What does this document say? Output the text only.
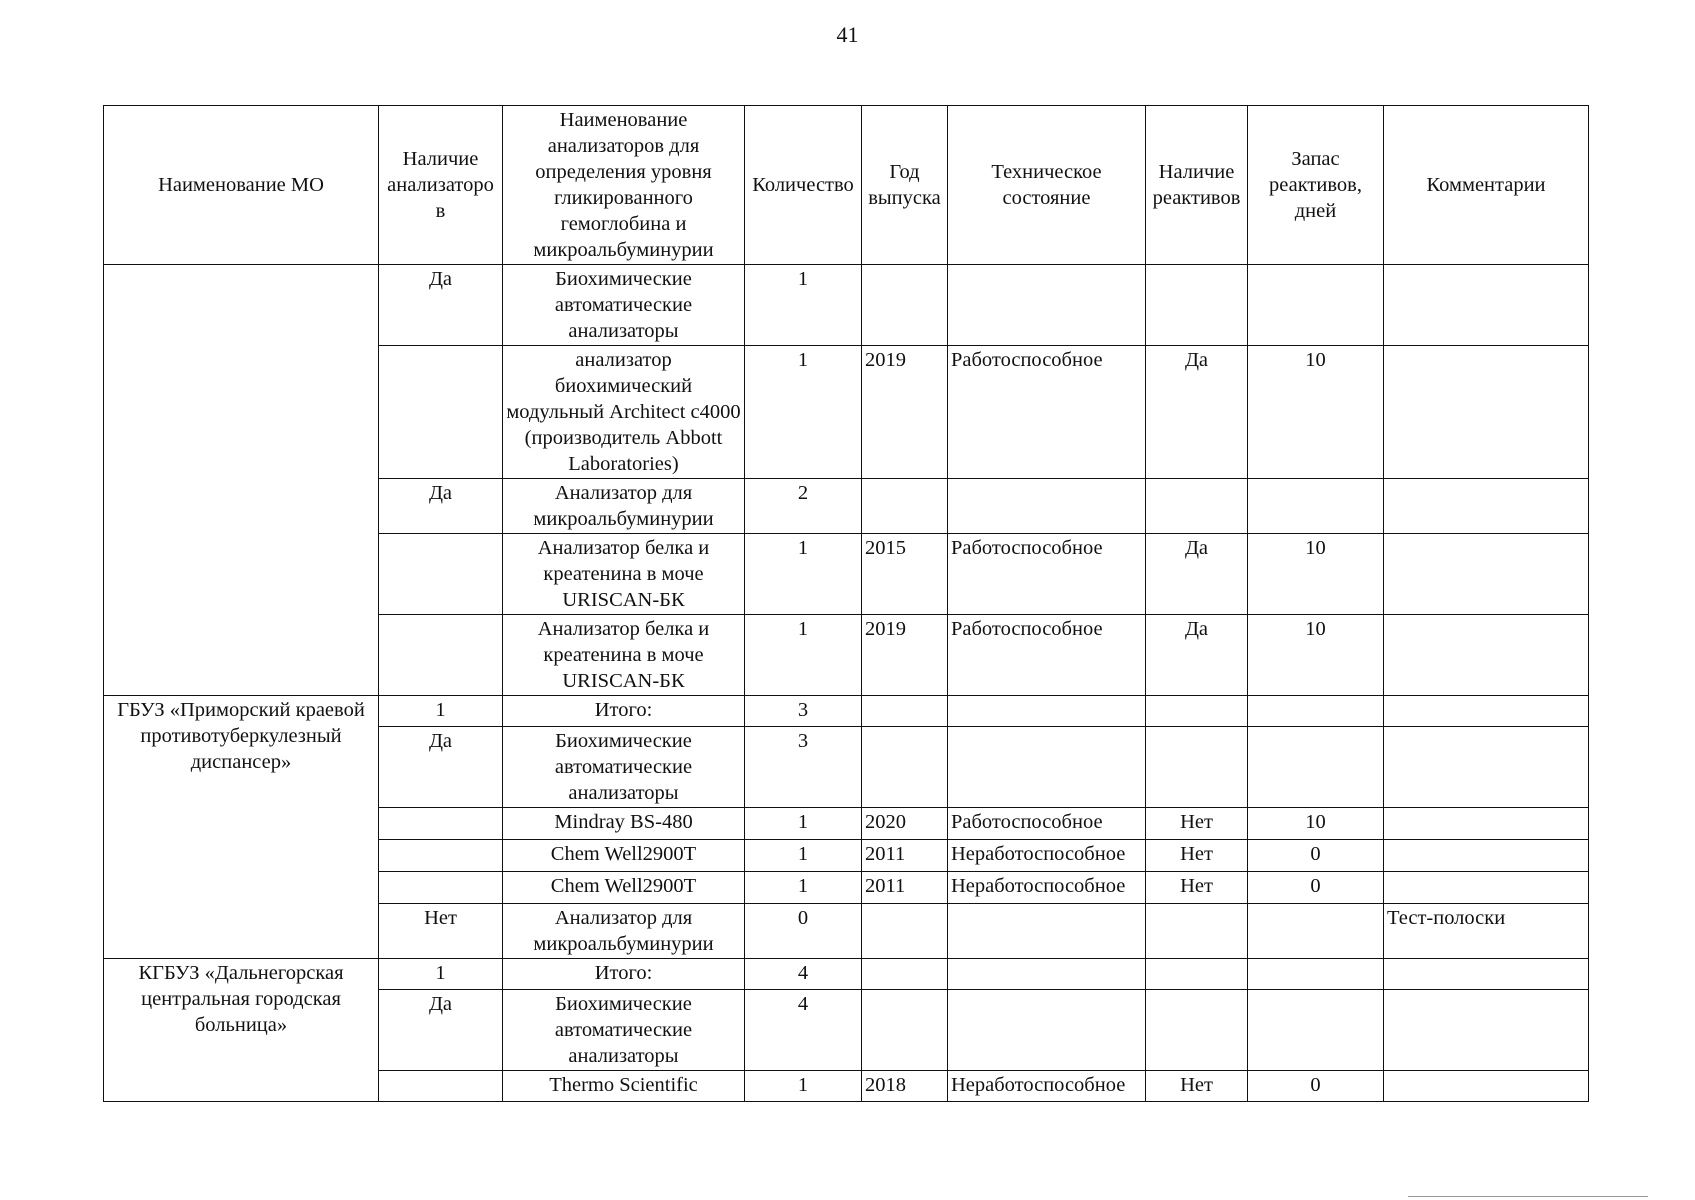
41
Наименование МО	Наличие анализаторо в	Наименование анализаторов для определения уровня гликированного гемоглобина и микроальбуминурии	Количество	Год выпуска	Техническое состояние	Наличие реактивов	Запас реактивов, дней	Комментарии
	Да	Биохимические автоматические анализаторы	1					
		анализатор биохимический модульный Architect c4000 (производитель Abbott Laboratories)	1	2019	Работоспособное	Да	10	
	Да	Анализатор для микроальбуминурии	2					
		Анализатор белка и креатенина в моче URISCAN-БК	1	2015	Работоспособное	Да	10	
		Анализатор белка и креатенина в моче URISCAN-БК	1	2019	Работоспособное	Да	10	
ГБУЗ «Приморский краевой противотуберкулезный диспансер»	1	Итого:	3					
	Да	Биохимические автоматические анализаторы	3					
		Mindray BS-480	1	2020	Работоспособное	Нет	10	
		Chem Well2900T	1	2011	Неработоспособное	Нет	0	
		Chem Well2900T	1	2011	Неработоспособное	Нет	0	
	Нет	Анализатор для микроальбуминурии	0					Тест-полоски
КГБУЗ «Дальнегорская центральная городская больница»	1	Итого:	4					
	Да	Биохимические автоматические анализаторы	4					
		Thermo Scientific	1	2018	Неработоспособное	Нет	0	
